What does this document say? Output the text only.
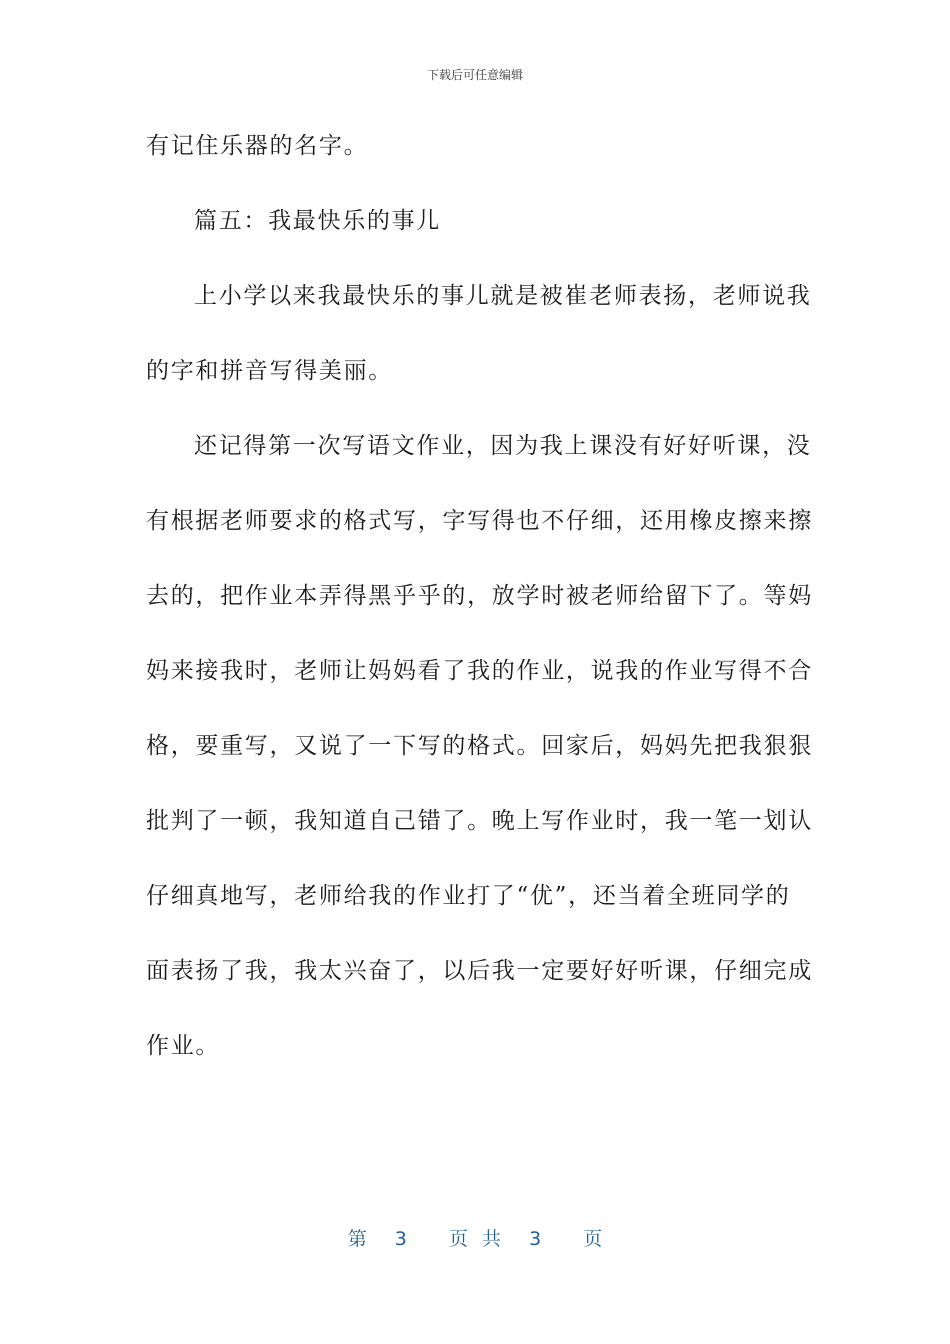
下载后可任意编辑
有记住乐器的名字。
篇五：我最快乐的事儿
上小学以来我最快乐的事儿就是被崔老师表扬，老师说我
的字和拼音写得美丽。
还记得第一次写语文作业，因为我上课没有好好听课，没
有根据老师要求的格式写，字写得也不仔细，还用橡皮擦来擦
去的，把作业本弄得黑乎乎的，放学时被老师给留下了。等妈
妈来接我时，老师让妈妈看了我的作业，说我的作业写得不合
格，要重写，又说了一下写的格式。回家后，妈妈先把我狠狠
批判了一顿，我知道自己错了。晚上写作业时，我一笔一划认
仔细真地写，老师给我的作业打了“优”，还当着全班同学的
面表扬了我，我太兴奋了，以后我一定要好好听课，仔细完成
作业。
第  3   页 共  3   页
